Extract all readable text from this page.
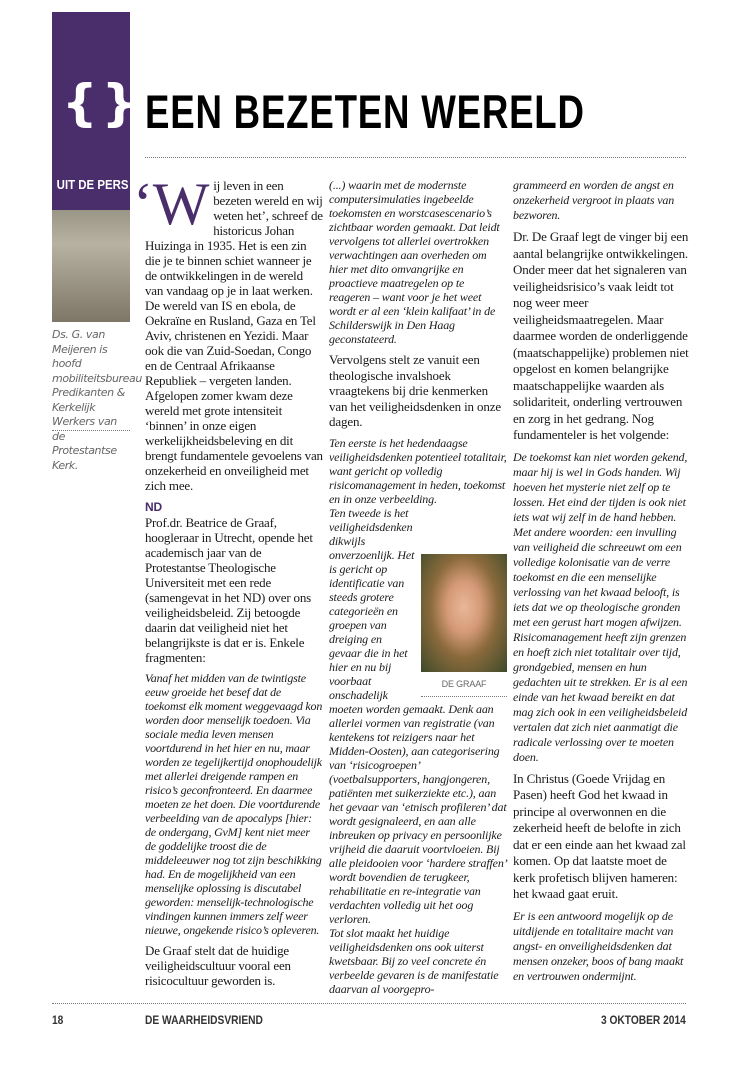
{} EEN BEZETEN WERELD
UIT DE PERS
Ds. G. van Meijeren is hoofd mobiliteitsbureau Predikanten & Kerkelijk Werkers van de Protestantse Kerk.

‘Wij leven in een bezeten wereld en wij weten het’, schreef de historicus Johan Huizinga in 1935. Het is een zin die je te binnen schiet wanneer je de ontwikkelingen in de wereld van vandaag op je in laat werken. De wereld van IS en ebola, de Oekraïne en Rusland, Gaza en Tel Aviv, christenen en Yezidi. Maar ook die van Zuid-Soedan, Congo en de Centraal Afrikaanse Republiek – vergeten landen. Afgelopen zomer kwam deze wereld met grote intensiteit ‘binnen’ in onze eigen werkelijkheidsbeleving en dit brengt fundamentele gevoelens van onzekerheid en onveiligheid met zich mee.

ND
Prof.dr. Beatrice de Graaf, hoogleraar in Utrecht, opende het academisch jaar van de Protestantse Theologische Universiteit met een rede (samengevat in het ND) over ons veiligheidsbeleid. Zij betoogde daarin dat veiligheid niet het belangrijkste is dat er is. Enkele fragmenten:

Vanaf het midden van de twintigste eeuw groeide het besef dat de toekomst elk moment weggevaagd kon worden door menselijk toedoen. Via sociale media leven mensen voortdurend in het hier en nu, maar worden ze tegelijkertijd onophoudelijk met allerlei dreigende rampen en risico’s geconfronteerd. En daarmee moeten ze het doen. Die voortdurende verbeelding van de apocalyps [hier: de ondergang, GvM] kent niet meer de goddelijke troost die de middeleeuwer nog tot zijn beschikking had. En de mogelijkheid van een menselijke oplossing is discutabel geworden: menselijk-technologische vindingen kunnen immers zelf weer nieuwe, ongekende risico’s opleveren.

De Graaf stelt dat de huidige veiligheidscultuur vooral een risicocultuur geworden is.

(...) waarin met de modernste computersimulaties ingebeelde toekomsten en worstcasescenario’s zichtbaar worden gemaakt. Dat leidt vervolgens tot allerlei overtrokken verwachtingen aan overheden om hier met dito omvangrijke en proactieve maatregelen op te reageren – want voor je het weet wordt er al een ‘klein kalifaat’ in de Schilderswijk in Den Haag geconstateerd.

Vervolgens stelt ze vanuit een theologische invalshoek vraagtekens bij drie kenmerken van het veiligheidsdenken in onze dagen.

Ten eerste is het hedendaagse veiligheidsdenken potentieel totalitair, want gericht op volledig risicomanagement in heden, toekomst en in onze verbeelding.

DE GRAAF
Ten tweede is het veiligheidsdenken dikwijls onverzoenlijk. Het is gericht op identificatie van steeds grotere categorieën en groepen van dreiging en gevaar die in het hier en nu bij voorbaat onschadelijk moeten worden gemaakt. Denk aan allerlei vormen van registratie (van kentekens tot reizigers naar het Midden-Oosten), aan categorisering van ‘risicogroepen’ (voetbalsupporters, hangjongeren, patiënten met suikerziekte etc.), aan het gevaar van ‘etnisch profileren’ dat wordt gesignaleerd, en aan alle inbreuken op privacy en persoonlijke vrijheid die daaruit voortvloeien. Bij alle pleidooien voor ‘hardere straffen’ wordt bovendien de terugkeer, rehabilitatie en re-integratie van verdachten volledig uit het oog verloren.

Tot slot maakt het huidige veiligheidsdenken ons ook uiterst kwetsbaar. Bij zo veel concrete én verbeelde gevaren is de manifestatie daarvan al voorgepro-

grammeerd en worden de angst en onzekerheid vergroot in plaats van bezworen.

Dr. De Graaf legt de vinger bij een aantal belangrijke ontwikkelingen. Onder meer dat het signaleren van veiligheidsrisico’s vaak leidt tot nog weer meer veiligheidsmaatregelen. Maar daarmee worden de onderliggende (maatschappelijke) problemen niet opgelost en komen belangrijke maatschappelijke waarden als solidariteit, onderling vertrouwen en zorg in het gedrang. Nog fundamenteler is het volgende:

De toekomst kan niet worden gekend, maar hij is wel in Gods handen. Wij hoeven het mysterie niet zelf op te lossen. Het eind der tijden is ook niet iets wat wij zelf in de hand hebben. Met andere woorden: een invulling van veiligheid die schreeuwt om een volledige kolonisatie van de verre toekomst en die een menselijke verlossing van het kwaad belooft, is iets dat we op theologische gronden met een gerust hart mogen afwijzen. Risicomanagement heeft zijn grenzen en hoeft zich niet totalitair over tijd, grondgebied, mensen en hun gedachten uit te strekken. Er is al een einde van het kwaad bereikt en dat mag zich ook in een veiligheidsbeleid vertalen dat zich niet aanmatigt die radicale verlossing over te moeten doen.

In Christus (Goede Vrijdag en Pasen) heeft God het kwaad in principe al overwonnen en die zekerheid heeft de belofte in zich dat er een einde aan het kwaad zal komen. Op dat laatste moet de kerk profetisch blijven hameren: het kwaad gaat eruit.

Er is een antwoord mogelijk op de uitdijende en totalitaire macht van angst- en onveiligheidsdenken dat mensen onzeker, boos of bang maakt en vertrouwen ondermijnt.

18	DE WAARHEIDSVRIEND	3 OKTOBER 2014
